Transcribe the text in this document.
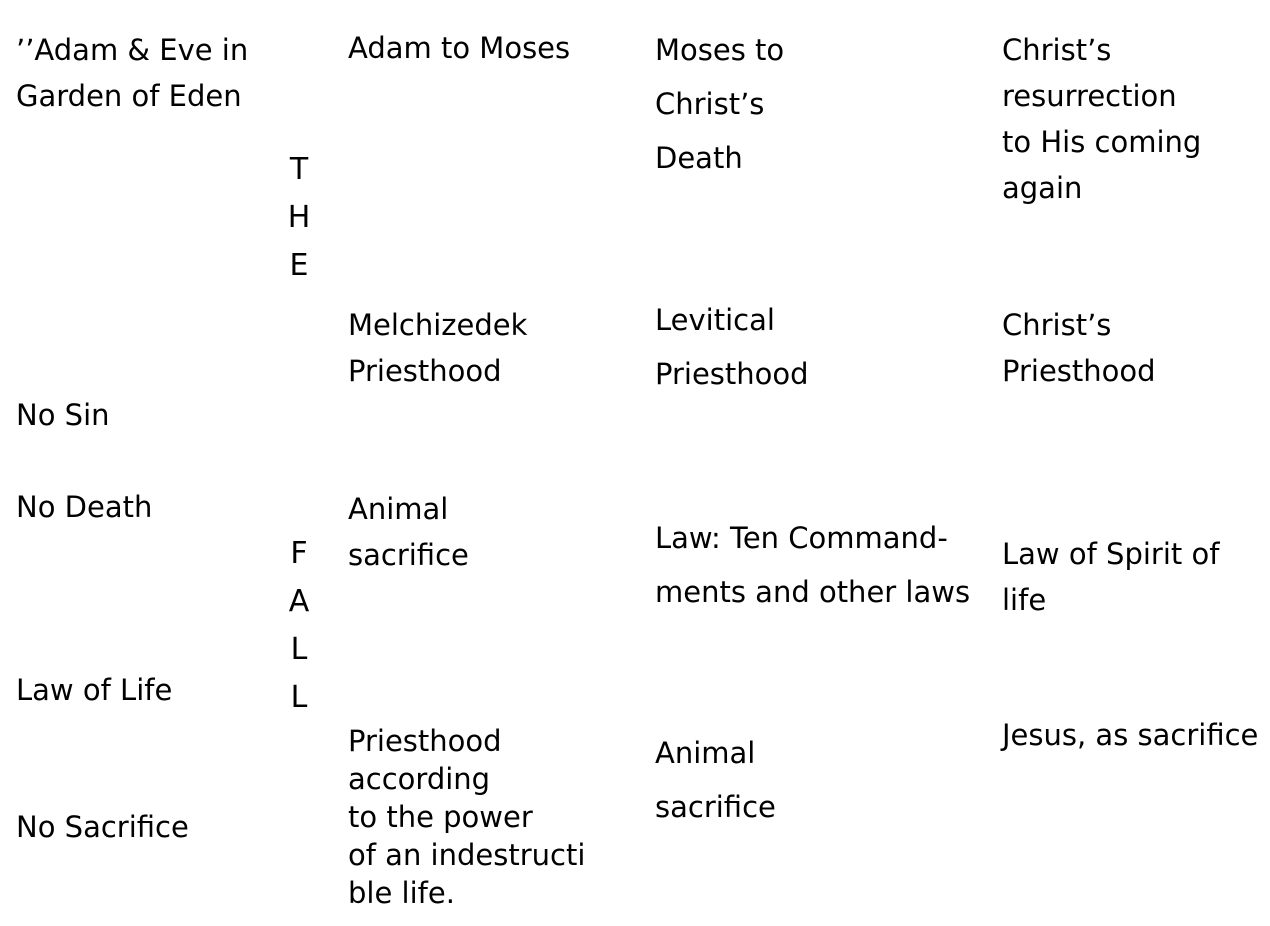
’’Adam & Eve in
Garden of Eden
No Sin
No Death
Law of Life
No Sacrifice
T
H
E
F
A
L
L
Adam to Moses
Melchizedek
Priesthood
Animal
sacrifice
Priesthood
according
to the power
of an indestructi
ble life.
Moses to
Christ’s
Death
Levitical
Priesthood
Law: Ten Command-
ments and other laws
Animal
sacrifice
Christ’s
resurrection
to His coming
again
Christ’s
Priesthood
Law of Spirit of
life
Jesus, as sacrifice
